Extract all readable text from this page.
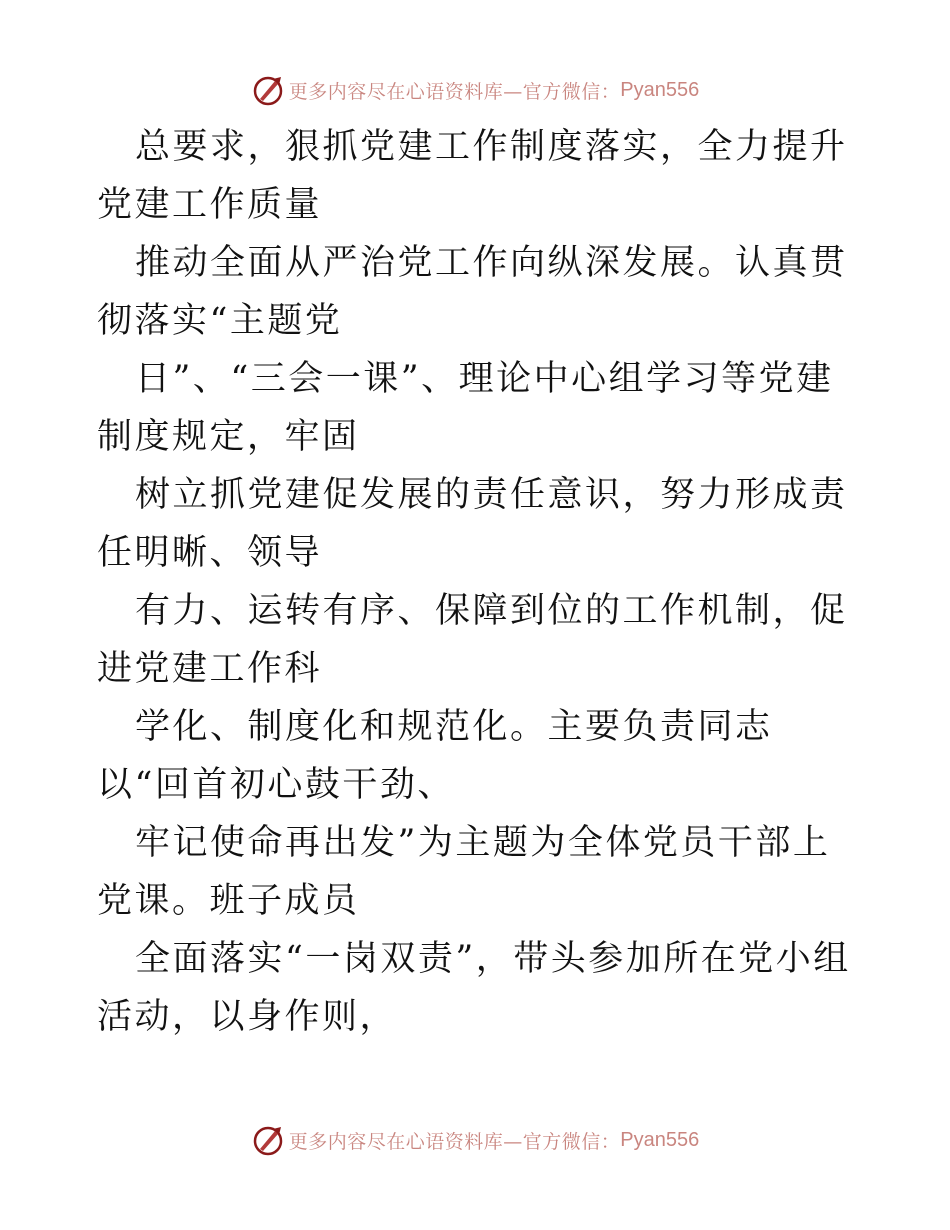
更多内容尽在心语资料库—官方微信： Pyan556

总要求，狠抓党建工作制度落实，全力提升党建工作质量

推动全面从严治党工作向纵深发展。认真贯彻落实“主题党

日”、“三会一课”、理论中心组学习等党建制度规定，牢固

树立抓党建促发展的责任意识，努力形成责任明晰、领导

有力、运转有序、保障到位的工作机制，促进党建工作科

学化、制度化和规范化。主要负责同志以“回首初心鼓干劲、

牢记使命再出发”为主题为全体党员干部上党课。班子成员

全面落实“一岗双责”，带头参加所在党小组活动，以身作则，

更多内容尽在心语资料库—官方微信： Pyan556
